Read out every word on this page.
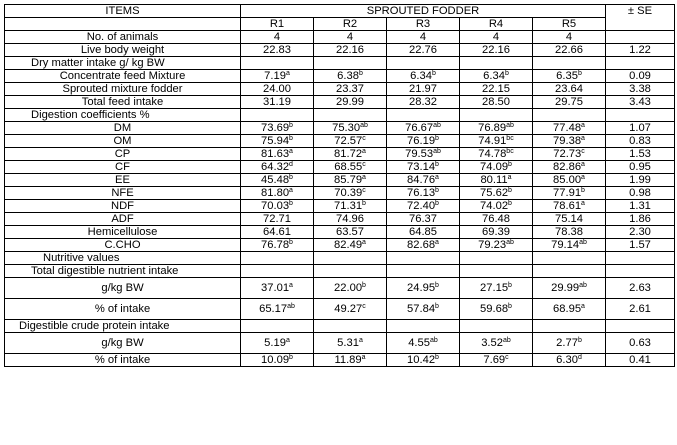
ITEMS	SPROUTED FODDER					± SE
	R1	R2	R3	R4	R5	
No. of animals	4	4	4	4	4	
Live body weight	22.83	22.16	22.76	22.16	22.66	1.22
Dry matter intake g/ kg BW						
Concentrate feed Mixture	7.19$^a$	6.38$^b$	6.34$^b$	6.34$^b$	6.35$^b$	0.09
Sprouted mixture fodder	24.00	23.37	21.97	22.15	23.64	3.38
Total feed intake	31.19	29.99	28.32	28.50	29.75	3.43
Digestion coefficients %						
DM	73.69$^b$	75.30$^{ab}$	76.67$^{ab}$	76.89$^{ab}$	77.48$^a$	1.07
OM	75.94$^b$	72.57$^c$	76.19$^b$	74.91$^{bc}$	79.38$^a$	0.83
CP	81.63$^a$	81.72$^a$	79.53$^{ab}$	74.78$^{bc}$	72.73$^c$	1.53
CF	64.32$^d$	68.55$^c$	73.14$^b$	74.09$^b$	82.86$^a$	0.95
EE	45.48$^b$	85.79$^a$	84.76$^a$	80.11$^a$	85.00$^a$	1.99
NFE	81.80$^a$	70.39$^c$	76.13$^b$	75.62$^b$	77.91$^b$	0.98
NDF	70.03$^b$	71.31$^b$	72.40$^b$	74.02$^b$	78.61$^a$	1.31
ADF	72.71	74.96	76.37	76.48	75.14	1.86
Hemicellulose	64.61	63.57	64.85	69.39	78.38	2.30
C.CHO	76.78$^b$	82.49$^a$	82.68$^a$	79.23$^{ab}$	79.14$^{ab}$	1.57
Nutritive values						
Total digestible nutrient intake						
g/kg BW	37.01$^a$	22.00$^b$	24.95$^b$	27.15$^b$	29.99$^{ab}$	2.63
% of intake	65.17$^{ab}$	49.27$^c$	57.84$^b$	59.68$^b$	68.95$^a$	2.61
Digestible crude protein intake						
g/kg BW	5.19$^a$	5.31$^a$	4.55$^{ab}$	3.52$^{ab}$	2.77$^b$	0.63
% of intake	10.09$^b$	11.89$^a$	10.42$^b$	7.69$^c$	6.30$^d$	0.41
